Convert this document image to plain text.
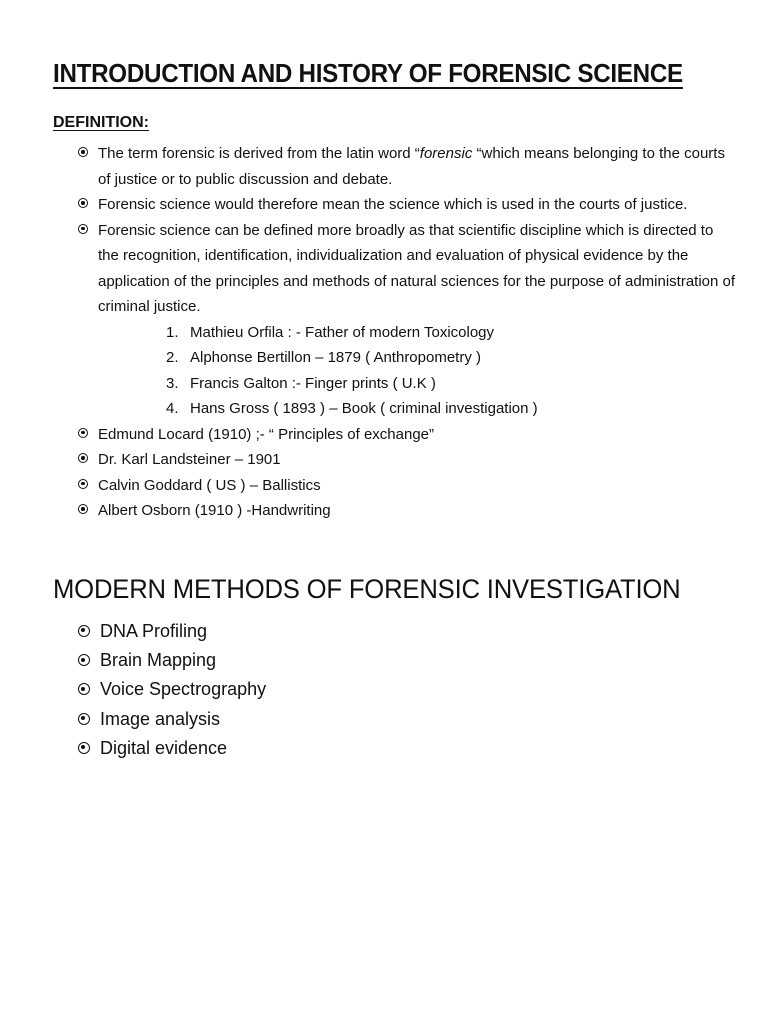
INTRODUCTION AND HISTORY OF FORENSIC SCIENCE
DEFINITION:
The term forensic is derived from the latin word “forensic “which means belonging to the courts of justice or to public discussion and debate.
Forensic science would therefore mean the science which is used in the courts of justice.
Forensic science can be defined more broadly as that scientific discipline which is directed to the recognition, identification, individualization and evaluation of physical evidence by the application of the principles and methods of natural sciences for the purpose of administration of criminal justice.
1. Mathieu Orfila : - Father of modern Toxicology
2. Alphonse Bertillon – 1879 ( Anthropometry )
3. Francis Galton :- Finger prints ( U.K )
4. Hans Gross ( 1893 ) – Book ( criminal investigation )
Edmund Locard (1910) ;- “ Principles of exchange”
Dr. Karl Landsteiner – 1901
Calvin Goddard ( US ) – Ballistics
Albert Osborn (1910 ) -Handwriting
MODERN METHODS OF FORENSIC INVESTIGATION
DNA Profiling
Brain Mapping
Voice Spectrography
Image analysis
Digital evidence
